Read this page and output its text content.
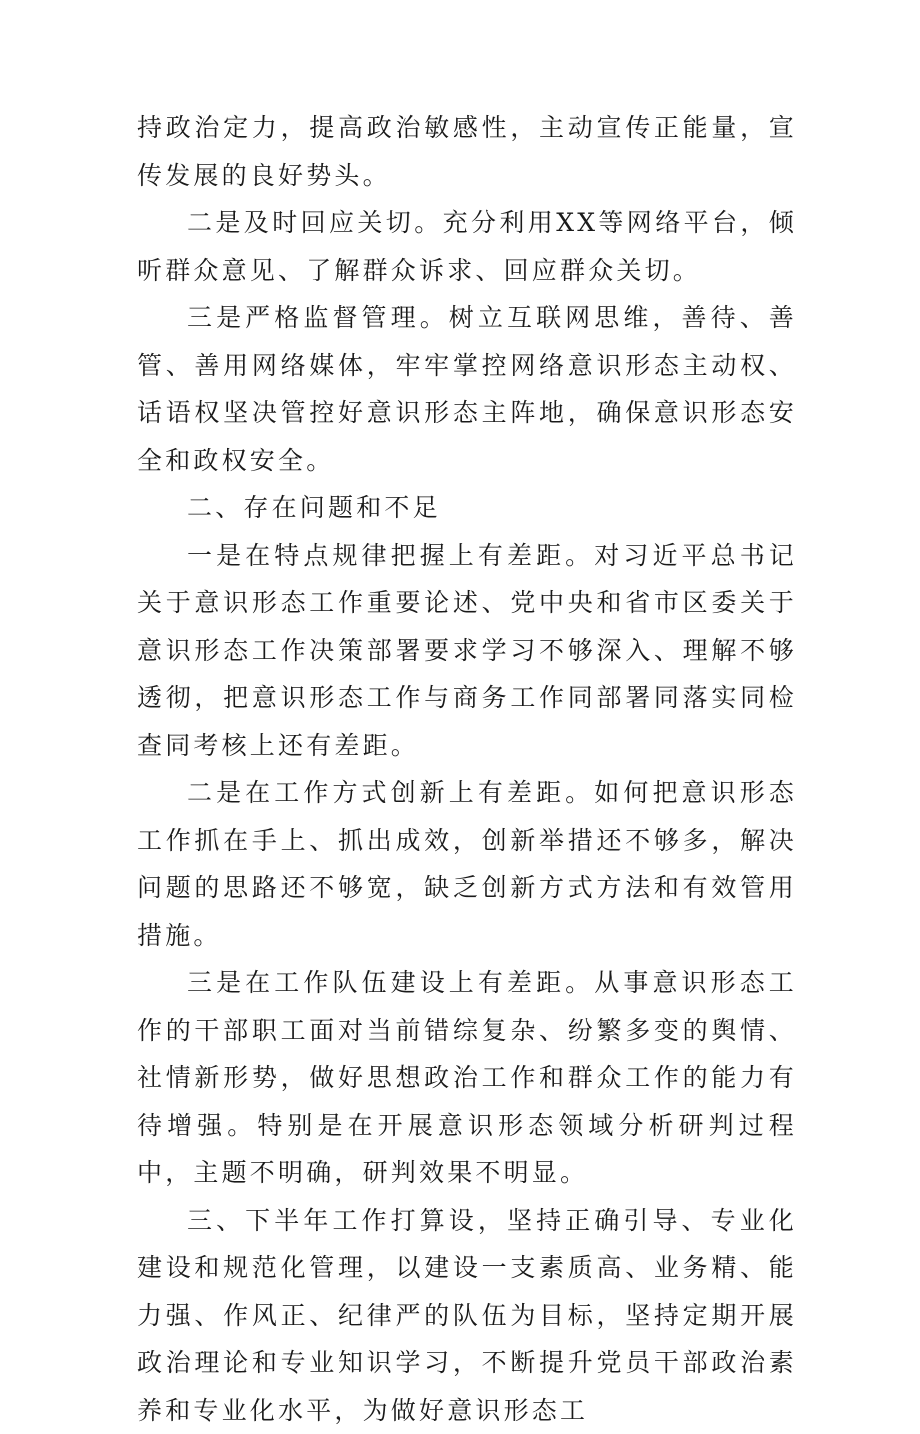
持政治定力，提高政治敏感性，主动宣传正能量，宣传发展的良好势头。

二是及时回应关切。充分利用XX等网络平台，倾听群众意见、了解群众诉求、回应群众关切。

三是严格监督管理。树立互联网思维，善待、善管、善用网络媒体，牢牢掌控网络意识形态主动权、话语权坚决管控好意识形态主阵地，确保意识形态安全和政权安全。

二、存在问题和不足

一是在特点规律把握上有差距。对习近平总书记关于意识形态工作重要论述、党中央和省市区委关于意识形态工作决策部署要求学习不够深入、理解不够透彻，把意识形态工作与商务工作同部署同落实同检查同考核上还有差距。

二是在工作方式创新上有差距。如何把意识形态工作抓在手上、抓出成效，创新举措还不够多，解决问题的思路还不够宽，缺乏创新方式方法和有效管用措施。

三是在工作队伍建设上有差距。从事意识形态工作的干部职工面对当前错综复杂、纷繁多变的舆情、社情新形势，做好思想政治工作和群众工作的能力有待增强。特别是在开展意识形态领域分析研判过程中，主题不明确，研判效果不明显。

三、下半年工作打算设，坚持正确引导、专业化建设和规范化管理，以建设一支素质高、业务精、能力强、作风正、纪律严的队伍为目标，坚持定期开展政治理论和专业知识学习，不断提升党员干部政治素养和专业化水平，为做好意识形态工
